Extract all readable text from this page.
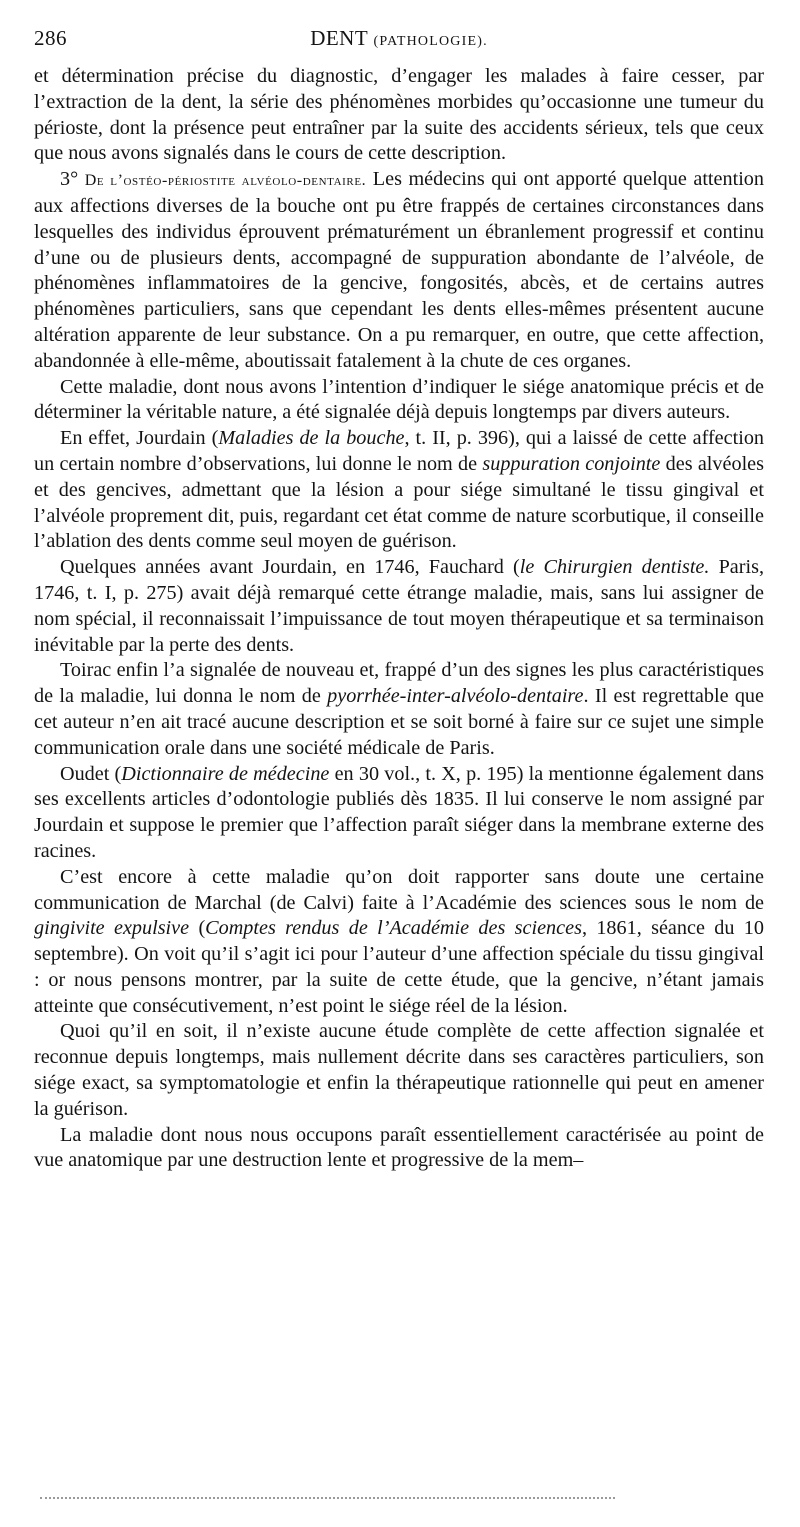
286	DENT (PATHOLOGIE).

et détermination précise du diagnostic, d’engager les malades à faire cesser, par l’extraction de la dent, la série des phénomènes morbides qu’occasionne une tumeur du périoste, dont la présence peut entraîner par la suite des accidents sérieux, tels que ceux que nous avons signalés dans le cours de cette description.

3° De l’ostéo-périostite alvéolo-dentaire. Les médecins qui ont apporté quelque attention aux affections diverses de la bouche ont pu être frappés de certaines circonstances dans lesquelles des individus éprouvent prématurément un ébranlement progressif et continu d’une ou de plusieurs dents, accompagné de suppuration abondante de l’alvéole, de phénomènes inflammatoires de la gencive, fongosités, abcès, et de certains autres phénomènes particuliers, sans que cependant les dents elles-mêmes présentent aucune altération apparente de leur substance. On a pu remarquer, en outre, que cette affection, abandonnée à elle-même, aboutissait fatalement à la chute de ces organes.

Cette maladie, dont nous avons l’intention d’indiquer le siége anatomique précis et de déterminer la véritable nature, a été signalée déjà depuis longtemps par divers auteurs.

En effet, Jourdain (Maladies de la bouche, t. II, p. 396), qui a laissé de cette affection un certain nombre d’observations, lui donne le nom de suppuration conjointe des alvéoles et des gencives, admettant que la lésion a pour siége simultané le tissu gingival et l’alvéole proprement dit, puis, regardant cet état comme de nature scorbutique, il conseille l’ablation des dents comme seul moyen de guérison.

Quelques années avant Jourdain, en 1746, Fauchard (le Chirurgien dentiste. Paris, 1746, t. I, p. 275) avait déjà remarqué cette étrange maladie, mais, sans lui assigner de nom spécial, il reconnaissait l’impuissance de tout moyen thérapeutique et sa terminaison inévitable par la perte des dents.

Toirac enfin l’a signalée de nouveau et, frappé d’un des signes les plus caractéristiques de la maladie, lui donna le nom de pyorrhée-inter-alvéolo-dentaire. Il est regrettable que cet auteur n’en ait tracé aucune description et se soit borné à faire sur ce sujet une simple communication orale dans une société médicale de Paris.

Oudet (Dictionnaire de médecine en 30 vol., t. X, p. 195) la mentionne également dans ses excellents articles d’odontologie publiés dès 1835. Il lui conserve le nom assigné par Jourdain et suppose le premier que l’affection paraît siéger dans la membrane externe des racines.

C’est encore à cette maladie qu’on doit rapporter sans doute une certaine communication de Marchal (de Calvi) faite à l’Académie des sciences sous le nom de gingivite expulsive (Comptes rendus de l’Académie des sciences, 1861, séance du 10 septembre). On voit qu’il s’agit ici pour l’auteur d’une affection spéciale du tissu gingival : or nous pensons montrer, par la suite de cette étude, que la gencive, n’étant jamais atteinte que consécutivement, n’est point le siége réel de la lésion.

Quoi qu’il en soit, il n’existe aucune étude complète de cette affection signalée et reconnue depuis longtemps, mais nullement décrite dans ses caractères particuliers, son siége exact, sa symptomatologie et enfin la thérapeutique rationnelle qui peut en amener la guérison.

La maladie dont nous nous occupons paraît essentiellement caractérisée au point de vue anatomique par une destruction lente et progressive de la mem–
